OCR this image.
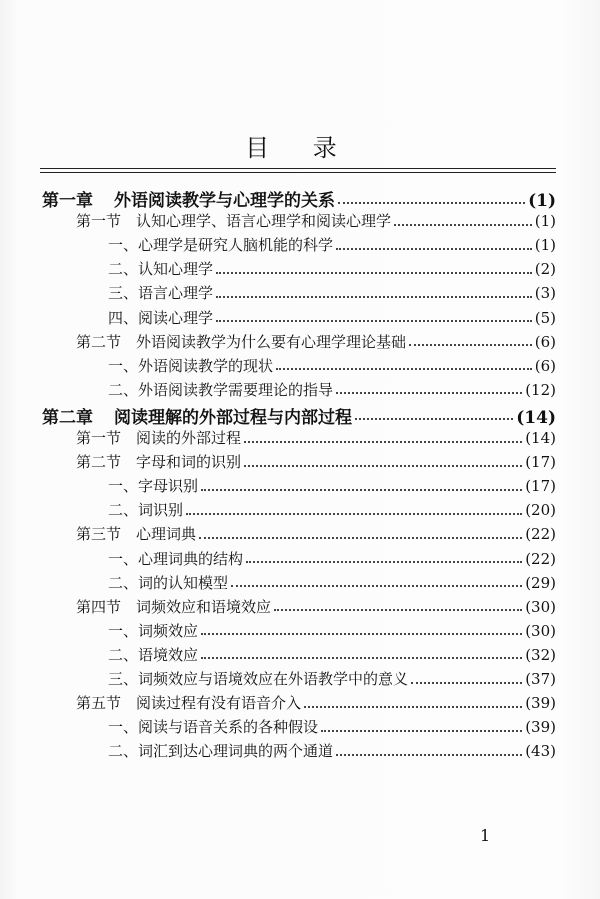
目 录
第一章	外语阅读教学与心理学的关系	(1)
第一节 认知心理学、语言心理学和阅读心理学	(1)
一、 心理学是研究人脑机能的科学	(1)
二、 认知心理学	(2)
三、 语言心理学	(3)
四、 阅读心理学	(5)
第二节 外语阅读教学为什么要有心理学理论基础	(6)
一、 外语阅读教学的现状	(6)
二、 外语阅读教学需要理论的指导	(12)
第二章	阅读理解的外部过程与内部过程	(14)
第一节 阅读的外部过程	(14)
第二节 字母和词的识别	(17)
一、 字母识别	(17)
二、 词识别	(20)
第三节 心理词典	(22)
一、 心理词典的结构	(22)
二、 词的认知模型	(29)
第四节 词频效应和语境效应	(30)
一、 词频效应	(30)
二、 语境效应	(32)
三、 词频效应与语境效应在外语教学中的意义	(37)
第五节 阅读过程有没有语音介入	(39)
一、 阅读与语音关系的各种假设	(39)
二、 词汇到达心理词典的两个通道	(43)
1
